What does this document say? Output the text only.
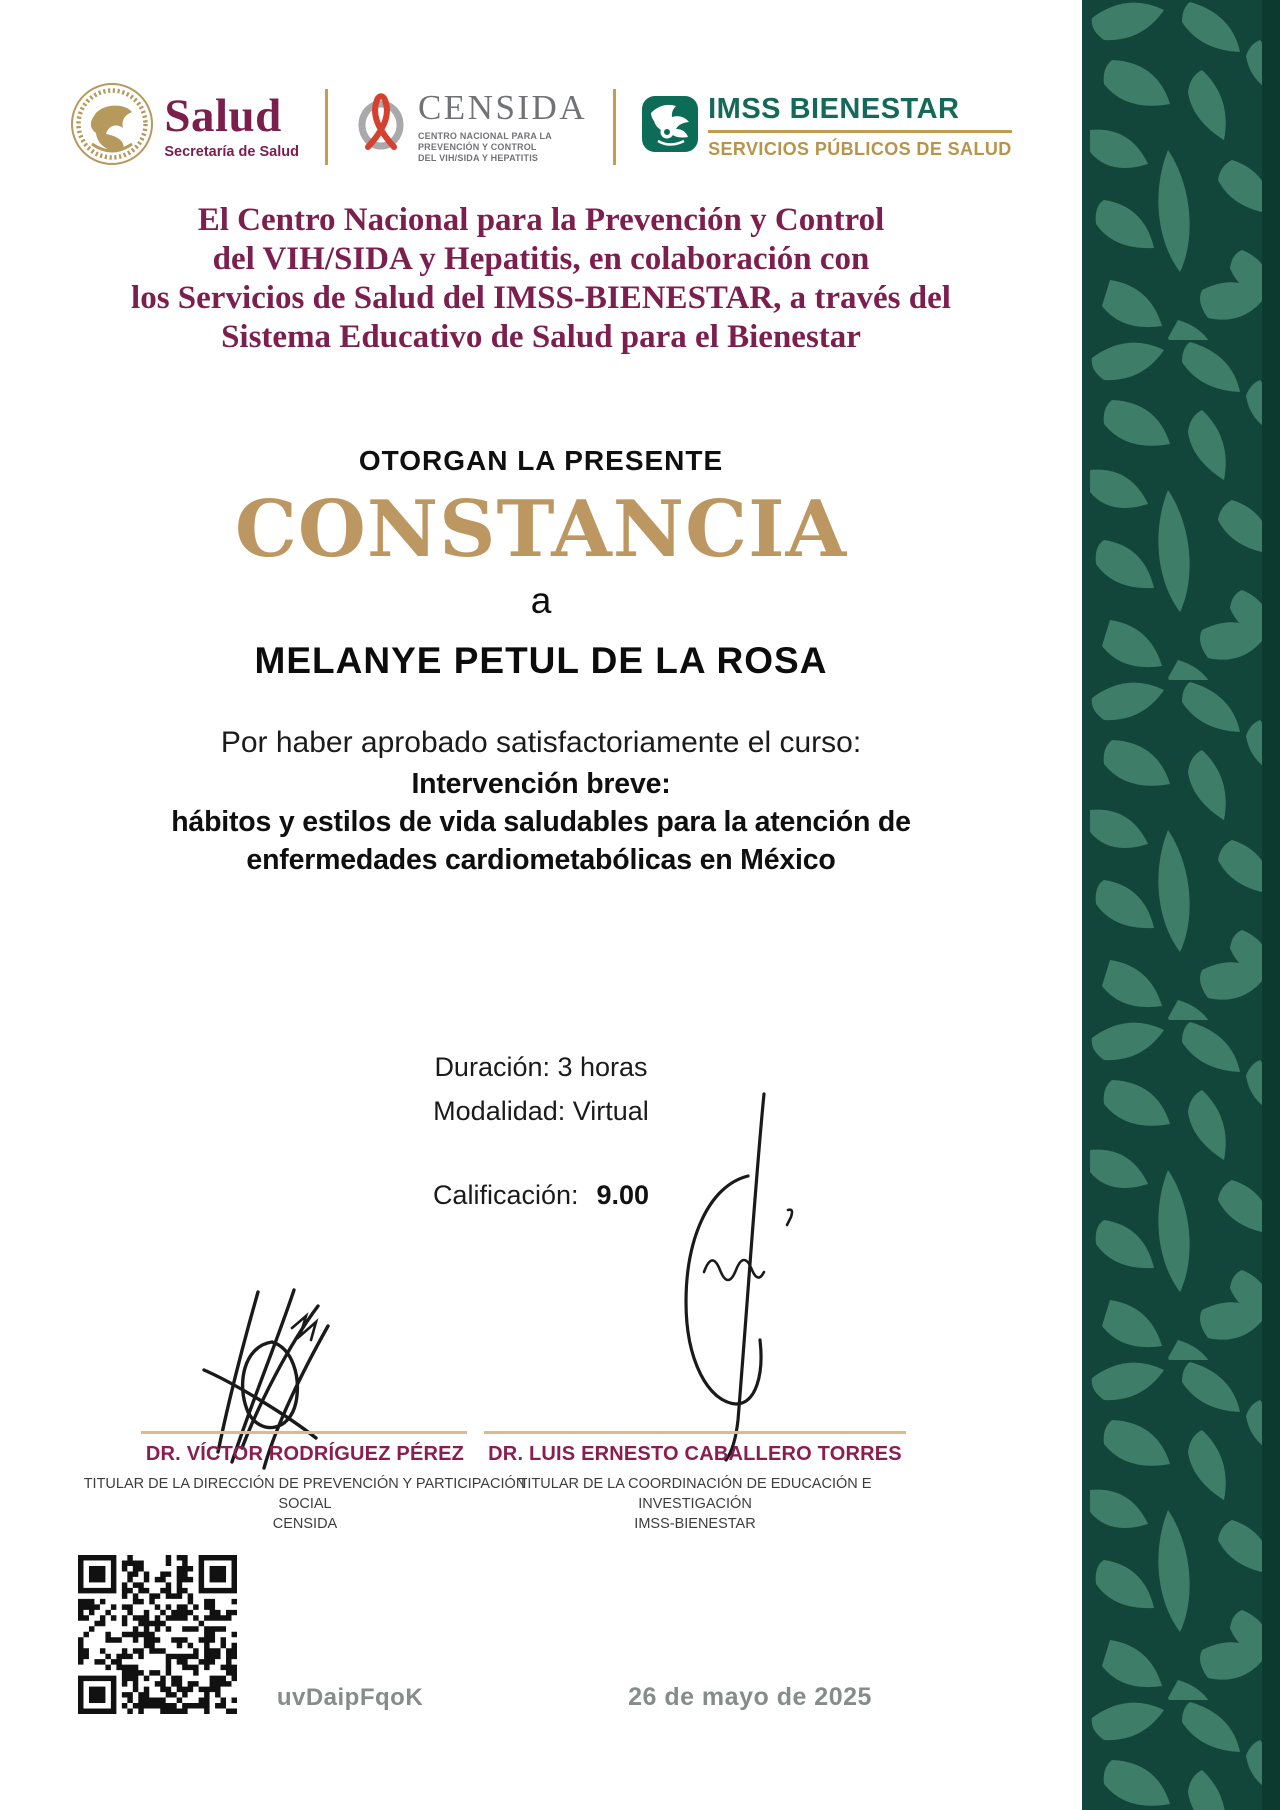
Salud
Secretaría de Salud
CENSIDA
CENTRO NACIONAL PARA LA
PREVENCIÓN Y CONTROL
DEL VIH/SIDA Y HEPATITIS
IMSS BIENESTAR
SERVICIOS PÚBLICOS DE SALUD
El Centro Nacional para la Prevención y Control
del VIH/SIDA y Hepatitis, en colaboración con
los Servicios de Salud del IMSS-BIENESTAR, a través del
Sistema Educativo de Salud para el Bienestar
OTORGAN LA PRESENTE
CONSTANCIA
a
MELANYE PETUL DE LA ROSA
Por haber aprobado satisfactoriamente el curso:
Intervención breve:
hábitos y estilos de vida saludables para la atención de
enfermedades cardiometabólicas en México
Duración: 3 horas
Modalidad: Virtual
Calificación: 9.00
DR. VÍCTOR RODRÍGUEZ PÉREZ
TITULAR DE LA DIRECCIÓN DE PREVENCIÓN Y PARTICIPACIÓN SOCIAL
CENSIDA
DR. LUIS ERNESTO CABALLERO TORRES
TITULAR DE LA COORDINACIÓN DE EDUCACIÓN E INVESTIGACIÓN
IMSS-BIENESTAR
uvDaipFqoK	26 de mayo de 2025
